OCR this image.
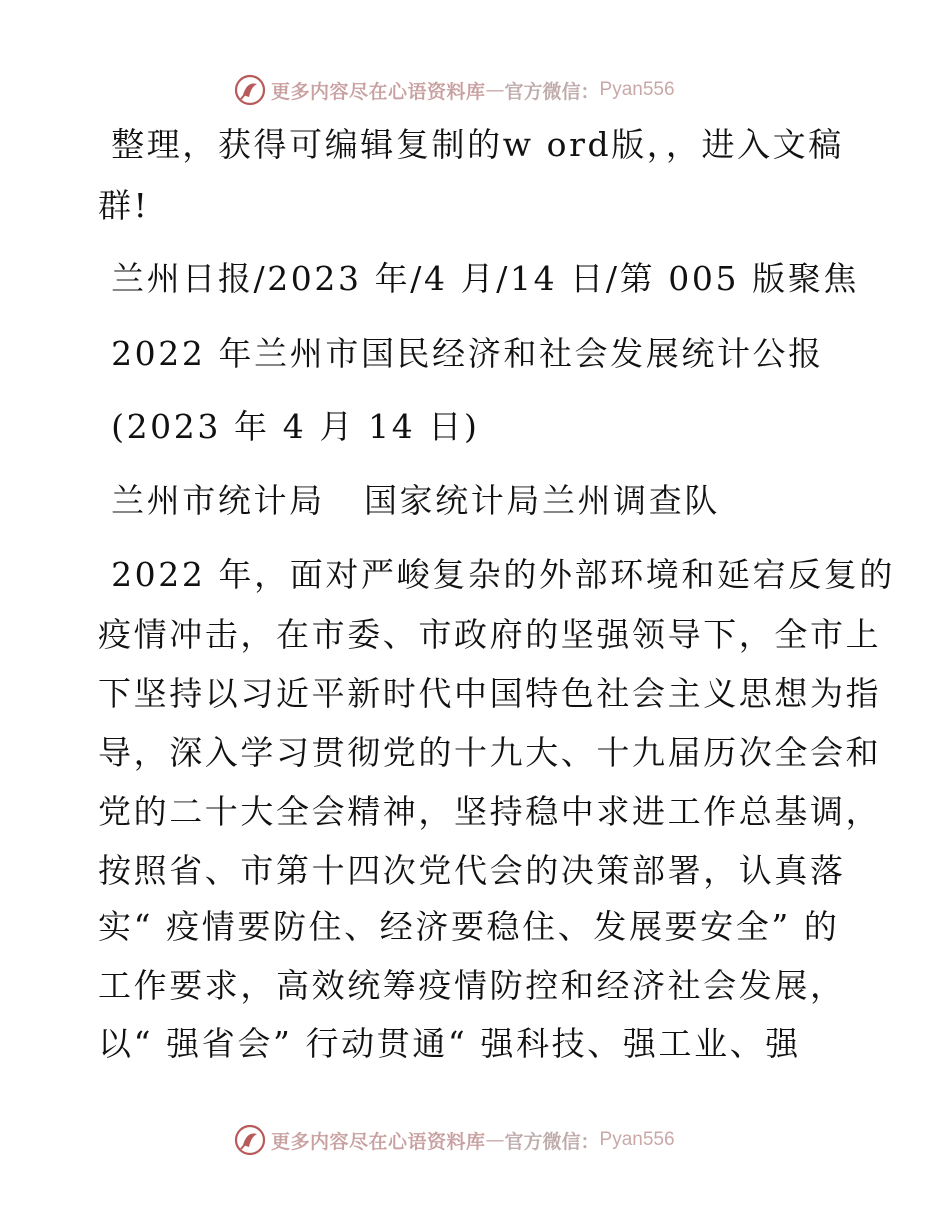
更多内容尽在心语资料库 — 官方微信： Pyan556
整理，获得可编辑复制的w ord版，，进入文稿
群!
兰州日报/2023 年/4 月/14 日/第 005 版聚焦
2022 年兰州市国民经济和社会发展统计公报
(2023 年 4 月 14 日)
兰州市统计局   国家统计局兰州调查队
2022 年，面对严峻复杂的外部环境和延宕反复的
疫情冲击，在市委、市政府的坚强领导下，全市上
下坚持以习近平新时代中国特色社会主义思想为指
导，深入学习贯彻党的十九大、十九届历次全会和
党的二十大全会精神，坚持稳中求进工作总基调，
按照省、市第十四次党代会的决策部署，认真落
实“ 疫情要防住、经济要稳住、发展要安全” 的
工作要求，高效统筹疫情防控和经济社会发展，
以“ 强省会” 行动贯通“ 强科技、强工业、强
更多内容尽在心语资料库 — 官方微信： Pyan556
